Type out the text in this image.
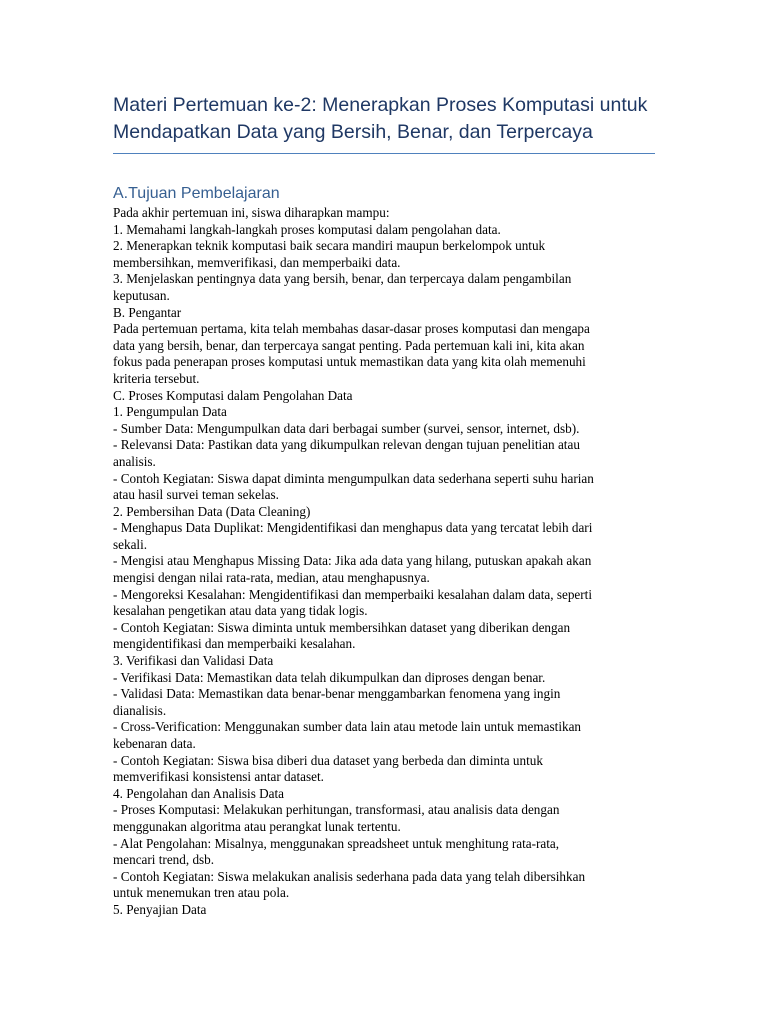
Materi Pertemuan ke-2: Menerapkan Proses Komputasi untuk
Mendapatkan Data yang Bersih, Benar, dan Terpercaya
A.Tujuan Pembelajaran

Pada akhir pertemuan ini, siswa diharapkan mampu:

1. Memahami langkah-langkah proses komputasi dalam pengolahan data.

2. Menerapkan teknik komputasi baik secara mandiri maupun berkelompok untuk

membersihkan, memverifikasi, dan memperbaiki data.

3. Menjelaskan pentingnya data yang bersih, benar, dan terpercaya dalam pengambilan

keputusan.

B. Pengantar

Pada pertemuan pertama, kita telah membahas dasar-dasar proses komputasi dan mengapa

data yang bersih, benar, dan terpercaya sangat penting. Pada pertemuan kali ini, kita akan

fokus pada penerapan proses komputasi untuk memastikan data yang kita olah memenuhi

kriteria tersebut.

C. Proses Komputasi dalam Pengolahan Data

1. Pengumpulan Data

- Sumber Data: Mengumpulkan data dari berbagai sumber (survei, sensor, internet, dsb).

- Relevansi Data: Pastikan data yang dikumpulkan relevan dengan tujuan penelitian atau

analisis.

- Contoh Kegiatan: Siswa dapat diminta mengumpulkan data sederhana seperti suhu harian

atau hasil survei teman sekelas.

2. Pembersihan Data (Data Cleaning)

- Menghapus Data Duplikat: Mengidentifikasi dan menghapus data yang tercatat lebih dari

sekali.

- Mengisi atau Menghapus Missing Data: Jika ada data yang hilang, putuskan apakah akan

mengisi dengan nilai rata-rata, median, atau menghapusnya.

- Mengoreksi Kesalahan: Mengidentifikasi dan memperbaiki kesalahan dalam data, seperti

kesalahan pengetikan atau data yang tidak logis.

- Contoh Kegiatan: Siswa diminta untuk membersihkan dataset yang diberikan dengan

mengidentifikasi dan memperbaiki kesalahan.

3. Verifikasi dan Validasi Data

- Verifikasi Data: Memastikan data telah dikumpulkan dan diproses dengan benar.

- Validasi Data: Memastikan data benar-benar menggambarkan fenomena yang ingin

dianalisis.

- Cross-Verification: Menggunakan sumber data lain atau metode lain untuk memastikan

kebenaran data.

- Contoh Kegiatan: Siswa bisa diberi dua dataset yang berbeda dan diminta untuk

memverifikasi konsistensi antar dataset.

4. Pengolahan dan Analisis Data

- Proses Komputasi: Melakukan perhitungan, transformasi, atau analisis data dengan

menggunakan algoritma atau perangkat lunak tertentu.

- Alat Pengolahan: Misalnya, menggunakan spreadsheet untuk menghitung rata-rata,

mencari trend, dsb.

- Contoh Kegiatan: Siswa melakukan analisis sederhana pada data yang telah dibersihkan

untuk menemukan tren atau pola.

5. Penyajian Data
